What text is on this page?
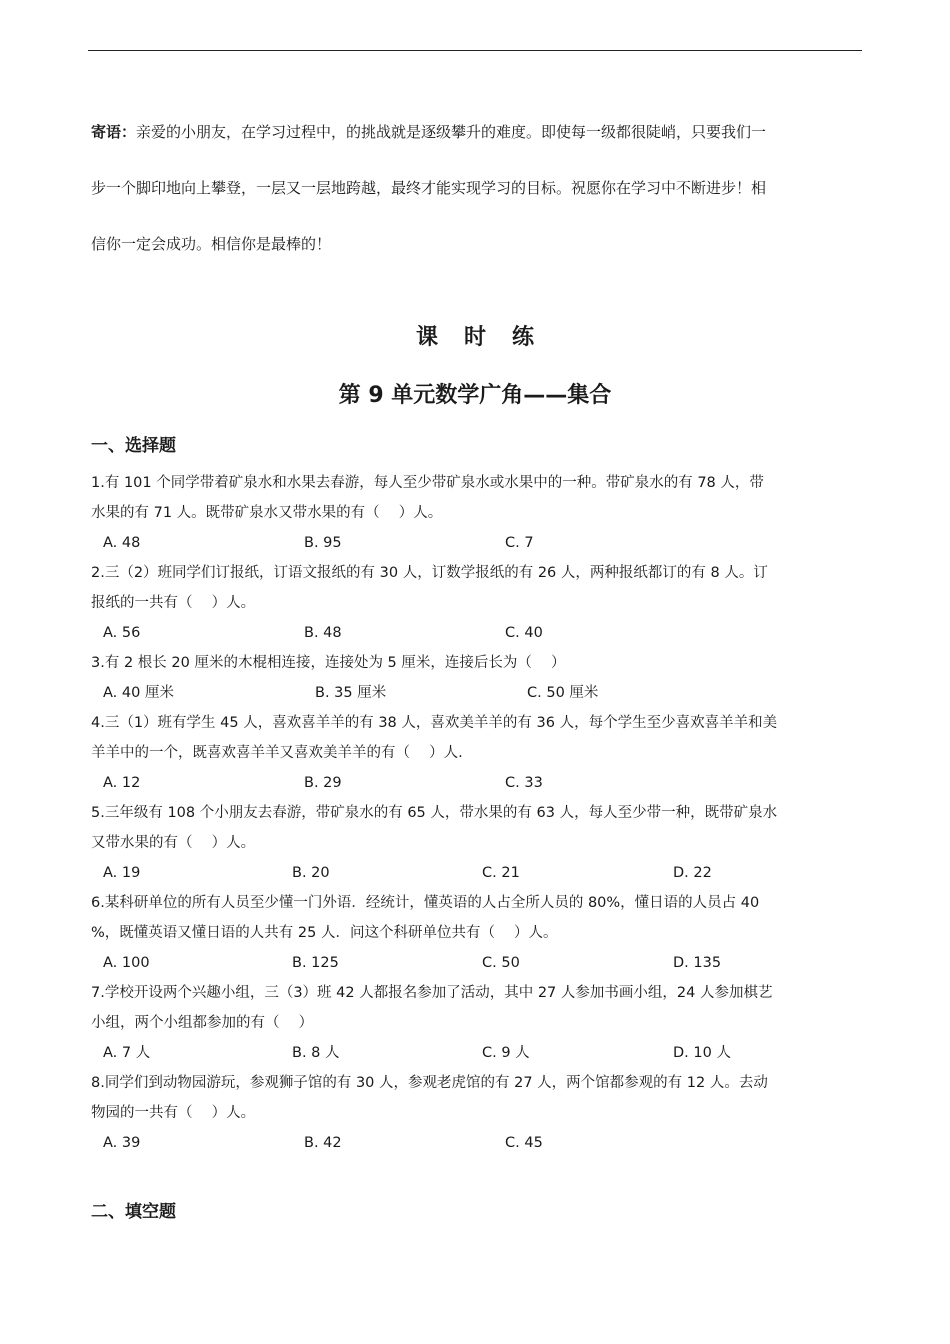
寄语：亲爱的小朋友，在学习过程中，的挑战就是逐级攀升的难度。即使每一级都很陡峭，只要我们一
步一个脚印地向上攀登，一层又一层地跨越，最终才能实现学习的目标。祝愿你在学习中不断进步！相
信你一定会成功。相信你是最棒的！
课时练
第 9 单元数学广角——集合
一、选择题
1.有 101 个同学带着矿泉水和水果去春游，每人至少带矿泉水或水果中的一种。带矿泉水的有 78 人，带
水果的有 71 人。既带矿泉水又带水果的有（　 ）人。
A. 48	B. 95	C. 7
2.三（2）班同学们订报纸，订语文报纸的有 30 人，订数学报纸的有 26 人，两种报纸都订的有 8 人。订
报纸的一共有（　 ）人。
A. 56	B. 48	C. 40
3.有 2 根长 20 厘米的木棍相连接，连接处为 5 厘米，连接后长为（　 ）
A. 40 厘米	B. 35 厘米	C. 50 厘米
4.三（1）班有学生 45 人，喜欢喜羊羊的有 38 人，喜欢美羊羊的有 36 人，每个学生至少喜欢喜羊羊和美
羊羊中的一个，既喜欢喜羊羊又喜欢美羊羊的有（　 ）人.
A. 12	B. 29	C. 33
5.三年级有 108 个小朋友去春游，带矿泉水的有 65 人，带水果的有 63 人，每人至少带一种，既带矿泉水
又带水果的有（　 ）人。
A. 19	B. 20	C. 21	D. 22
6.某科研单位的所有人员至少懂一门外语．经统计，懂英语的人占全所人员的 80%，懂日语的人员占 40
%，既懂英语又懂日语的人共有 25 人．问这个科研单位共有（　 ）人。
A. 100	B. 125	C. 50	D. 135
7.学校开设两个兴趣小组，三（3）班 42 人都报名参加了活动，其中 27 人参加书画小组，24 人参加棋艺
小组，两个小组都参加的有（　 ）
A. 7 人	B. 8 人	C. 9 人	D. 10 人
8.同学们到动物园游玩，参观狮子馆的有 30 人，参观老虎馆的有 27 人，两个馆都参观的有 12 人。去动
物园的一共有（　 ）人。
A. 39	B. 42	C. 45
二、填空题
